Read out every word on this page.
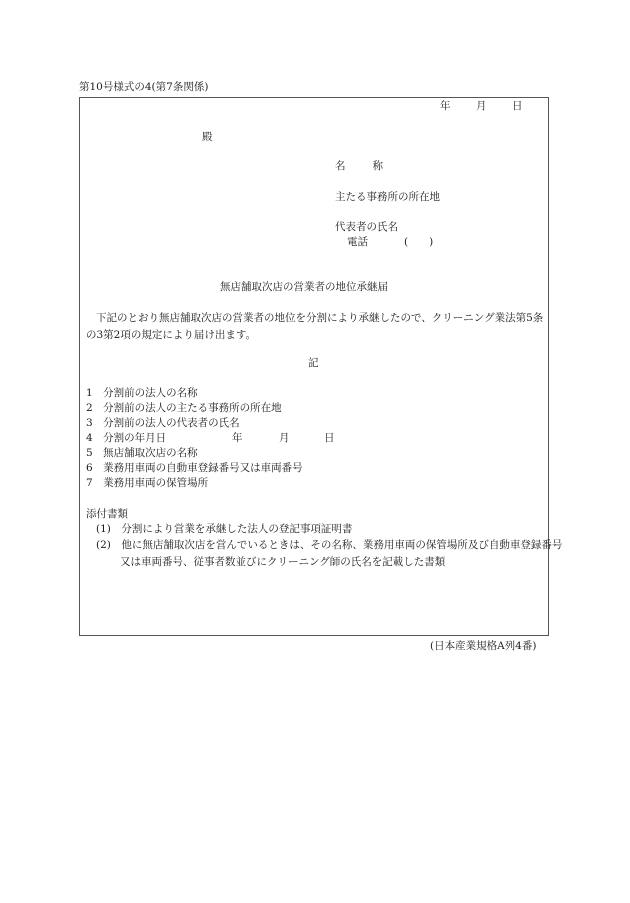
第10号様式の4(第7条関係)
年 月 日
殿
名　　称
主たる事務所の所在地
代表者の氏名
電話	(　　)
無店舗取次店の営業者の地位承継届
下記のとおり無店舗取次店の営業者の地位を分割により承継したので、クリーニング業法第5条の3第2項の規定により届け出ます。
記
1　分割前の法人の名称
2　分割前の法人の主たる事務所の所在地
3　分割前の法人の代表者の氏名
4　分割の年月日	年	月	日
5　無店舗取次店の名称
6　業務用車両の自動車登録番号又は車両番号
7　業務用車両の保管場所
添付書類
(1)　分割により営業を承継した法人の登記事項証明書
(2)　他に無店舗取次店を営んでいるときは、その名称、業務用車両の保管場所及び自動車登録番号又は車両番号、従事者数並びにクリーニング師の氏名を記載した書類
(日本産業規格A列4番)
